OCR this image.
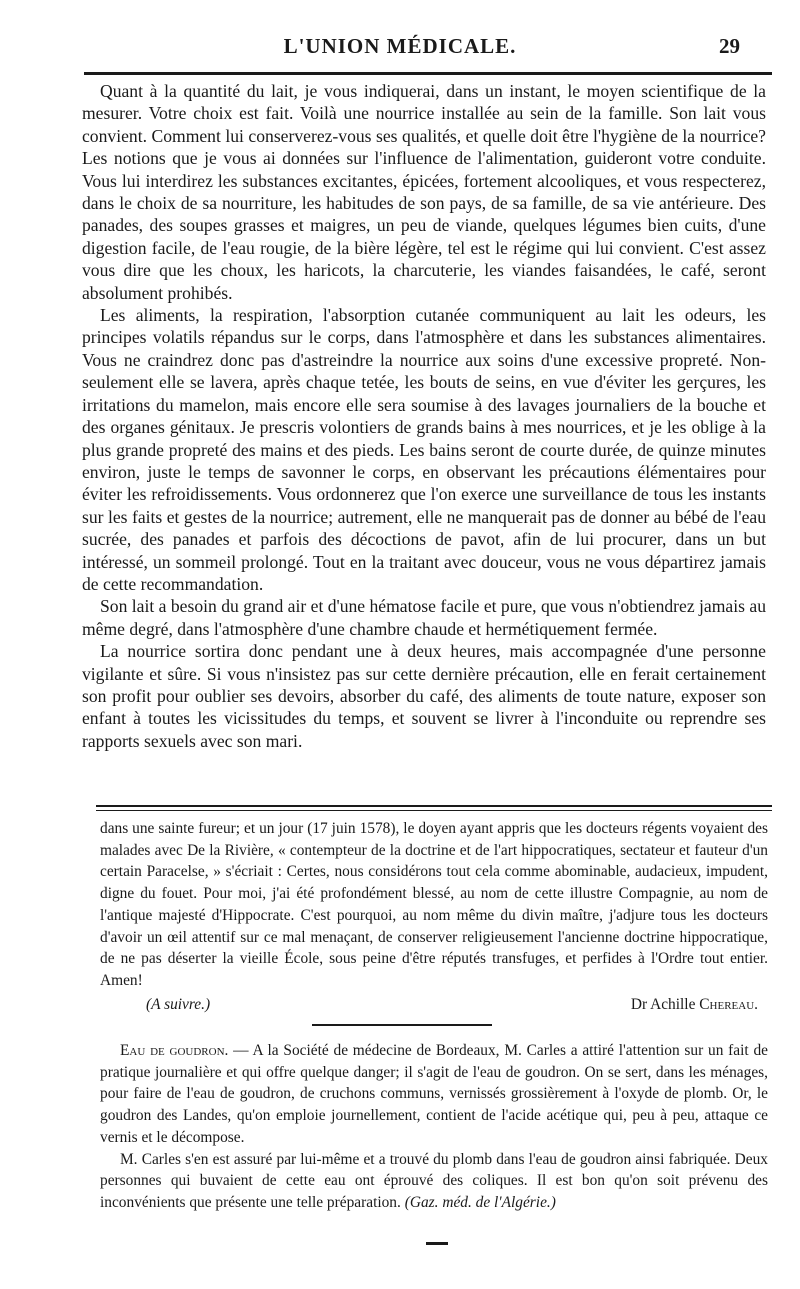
L'UNION MÉDICALE.	29

Quant à la quantité du lait, je vous indiquerai, dans un instant, le moyen scientifique de la mesurer. Votre choix est fait. Voilà une nourrice installée au sein de la famille. Son lait vous convient. Comment lui conserverez-vous ses qualités, et quelle doit être l'hygiène de la nourrice? Les notions que je vous ai données sur l'influence de l'alimentation, guideront votre conduite. Vous lui interdirez les substances excitantes, épicées, fortement alcooliques, et vous respecterez, dans le choix de sa nourriture, les habitudes de son pays, de sa famille, de sa vie antérieure. Des panades, des soupes grasses et maigres, un peu de viande, quelques légumes bien cuits, d'une digestion facile, de l'eau rougie, de la bière légère, tel est le régime qui lui convient. C'est assez vous dire que les choux, les haricots, la charcuterie, les viandes faisandées, le café, seront absolument prohibés.

Les aliments, la respiration, l'absorption cutanée communiquent au lait les odeurs, les principes volatils répandus sur le corps, dans l'atmosphère et dans les substances alimentaires. Vous ne craindrez donc pas d'astreindre la nourrice aux soins d'une excessive propreté. Non-seulement elle se lavera, après chaque tetée, les bouts de seins, en vue d'éviter les gerçures, les irritations du mamelon, mais encore elle sera soumise à des lavages journaliers de la bouche et des organes génitaux. Je prescris volontiers de grands bains à mes nourrices, et je les oblige à la plus grande propreté des mains et des pieds. Les bains seront de courte durée, de quinze minutes environ, juste le temps de savonner le corps, en observant les précautions élémentaires pour éviter les refroidissements. Vous ordonnerez que l'on exerce une surveillance de tous les instants sur les faits et gestes de la nourrice; autrement, elle ne manquerait pas de donner au bébé de l'eau sucrée, des panades et parfois des décoctions de pavot, afin de lui procurer, dans un but intéressé, un sommeil prolongé. Tout en la traitant avec douceur, vous ne vous départirez jamais de cette recommandation.

Son lait a besoin du grand air et d'une hématose facile et pure, que vous n'obtiendrez jamais au même degré, dans l'atmosphère d'une chambre chaude et hermétiquement fermée.

La nourrice sortira donc pendant une à deux heures, mais accompagnée d'une personne vigilante et sûre. Si vous n'insistez pas sur cette dernière précaution, elle en ferait certainement son profit pour oublier ses devoirs, absorber du café, des aliments de toute nature, exposer son enfant à toutes les vicissitudes du temps, et souvent se livrer à l'inconduite ou reprendre ses rapports sexuels avec son mari.

dans une sainte fureur; et un jour (17 juin 1578), le doyen ayant appris que les docteurs régents voyaient des malades avec De la Rivière, « contempteur de la doctrine et de l'art hippocratiques, sectateur et fauteur d'un certain Paracelse, » s'écriait : Certes, nous considérons tout cela comme abominable, audacieux, impudent, digne du fouet. Pour moi, j'ai été profondément blessé, au nom de cette illustre Compagnie, au nom de l'antique majesté d'Hippocrate. C'est pourquoi, au nom même du divin maître, j'adjure tous les docteurs d'avoir un œil attentif sur ce mal menaçant, de conserver religieusement l'ancienne doctrine hippocratique, de ne pas déserter la vieille École, sous peine d'être réputés transfuges, et perfides à l'Ordre tout entier. Amen!

(A suivre.)	Dr Achille Chereau.

Eau de goudron. — A la Société de médecine de Bordeaux, M. Carles a attiré l'attention sur un fait de pratique journalière et qui offre quelque danger; il s'agit de l'eau de goudron. On se sert, dans les ménages, pour faire de l'eau de goudron, de cruchons communs, vernissés grossièrement à l'oxyde de plomb. Or, le goudron des Landes, qu'on emploie journellement, contient de l'acide acétique qui, peu à peu, attaque ce vernis et le décompose.

M. Carles s'en est assuré par lui-même et a trouvé du plomb dans l'eau de goudron ainsi fabriquée. Deux personnes qui buvaient de cette eau ont éprouvé des coliques. Il est bon qu'on soit prévenu des inconvénients que présente une telle préparation. (Gaz. méd. de l'Algérie.)
